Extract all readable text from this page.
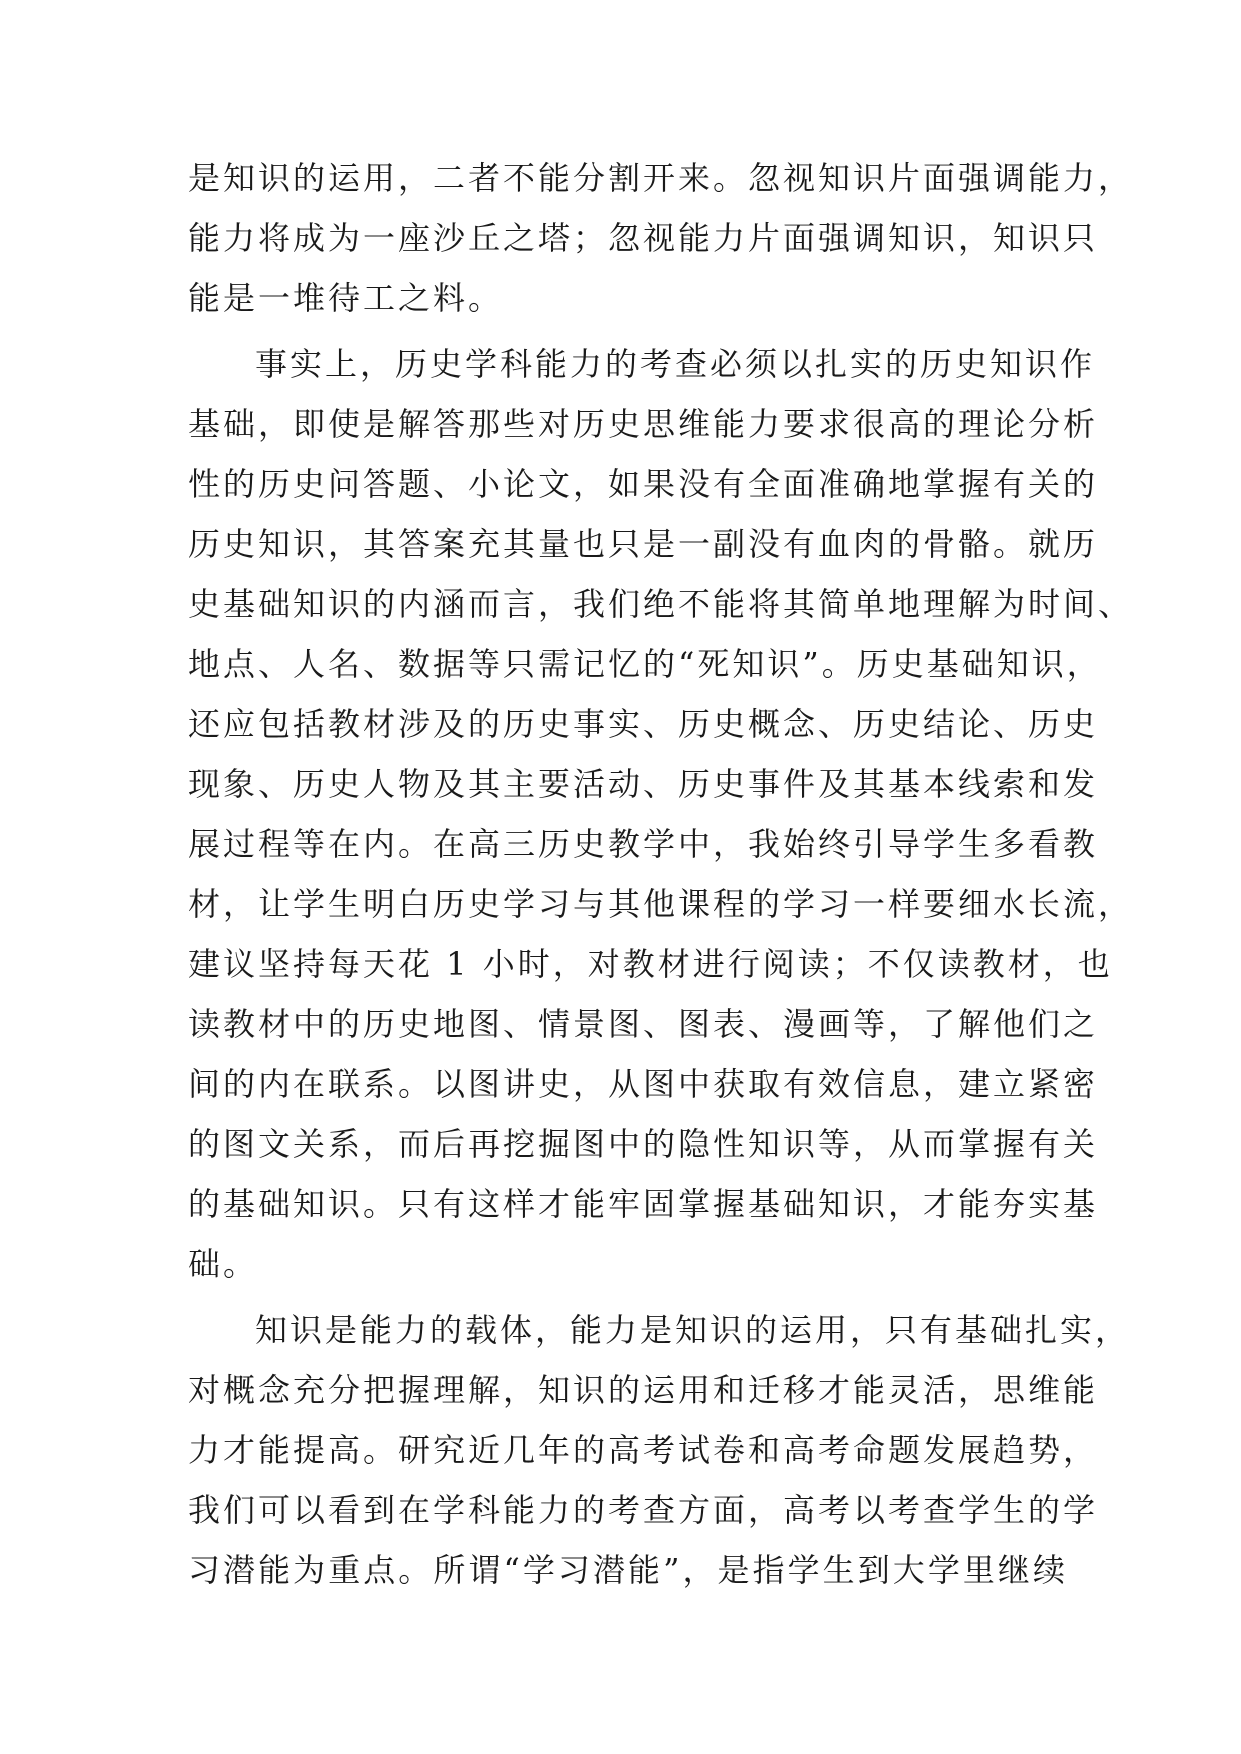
是知识的运用，二者不能分割开来。忽视知识片面强调能力，
能力将成为一座沙丘之塔；忽视能力片面强调知识，知识只
能是一堆待工之料。
事实上，历史学科能力的考查必须以扎实的历史知识作
基础，即使是解答那些对历史思维能力要求很高的理论分析
性的历史问答题、小论文，如果没有全面准确地掌握有关的
历史知识，其答案充其量也只是一副没有血肉的骨骼。就历
史基础知识的内涵而言，我们绝不能将其简单地理解为时间、
地点、人名、数据等只需记忆的“死知识”。历史基础知识，
还应包括教材涉及的历史事实、历史概念、历史结论、历史
现象、历史人物及其主要活动、历史事件及其基本线索和发
展过程等在内。在高三历史教学中，我始终引导学生多看教
材，让学生明白历史学习与其他课程的学习一样要细水长流，
建议坚持每天花 1 小时，对教材进行阅读；不仅读教材，也
读教材中的历史地图、情景图、图表、漫画等，了解他们之
间的内在联系。以图讲史，从图中获取有效信息，建立紧密
的图文关系，而后再挖掘图中的隐性知识等，从而掌握有关
的基础知识。只有这样才能牢固掌握基础知识，才能夯实基
础。
知识是能力的载体，能力是知识的运用，只有基础扎实，
对概念充分把握理解，知识的运用和迁移才能灵活，思维能
力才能提高。研究近几年的高考试卷和高考命题发展趋势，
我们可以看到在学科能力的考查方面，高考以考查学生的学
习潜能为重点。所谓“学习潜能”，是指学生到大学里继续
